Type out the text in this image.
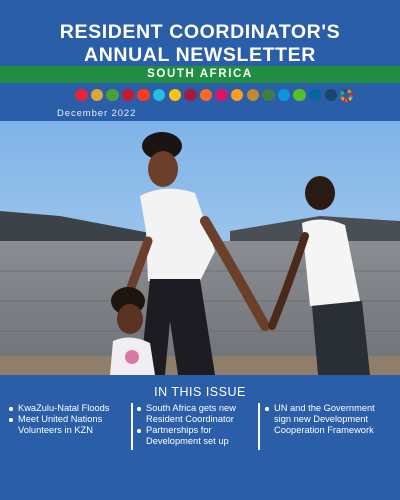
RESIDENT COORDINATOR'S
ANNUAL NEWSLETTER
SOUTH AFRICA
December 2022
IN THIS ISSUE
KwaZulu-Natal Floods
Meet United Nations Volunteers in KZN
South Africa gets new Resident Coordinator
Partnerships for Development set up
UN and the Government sign new Development Cooperation Framework
